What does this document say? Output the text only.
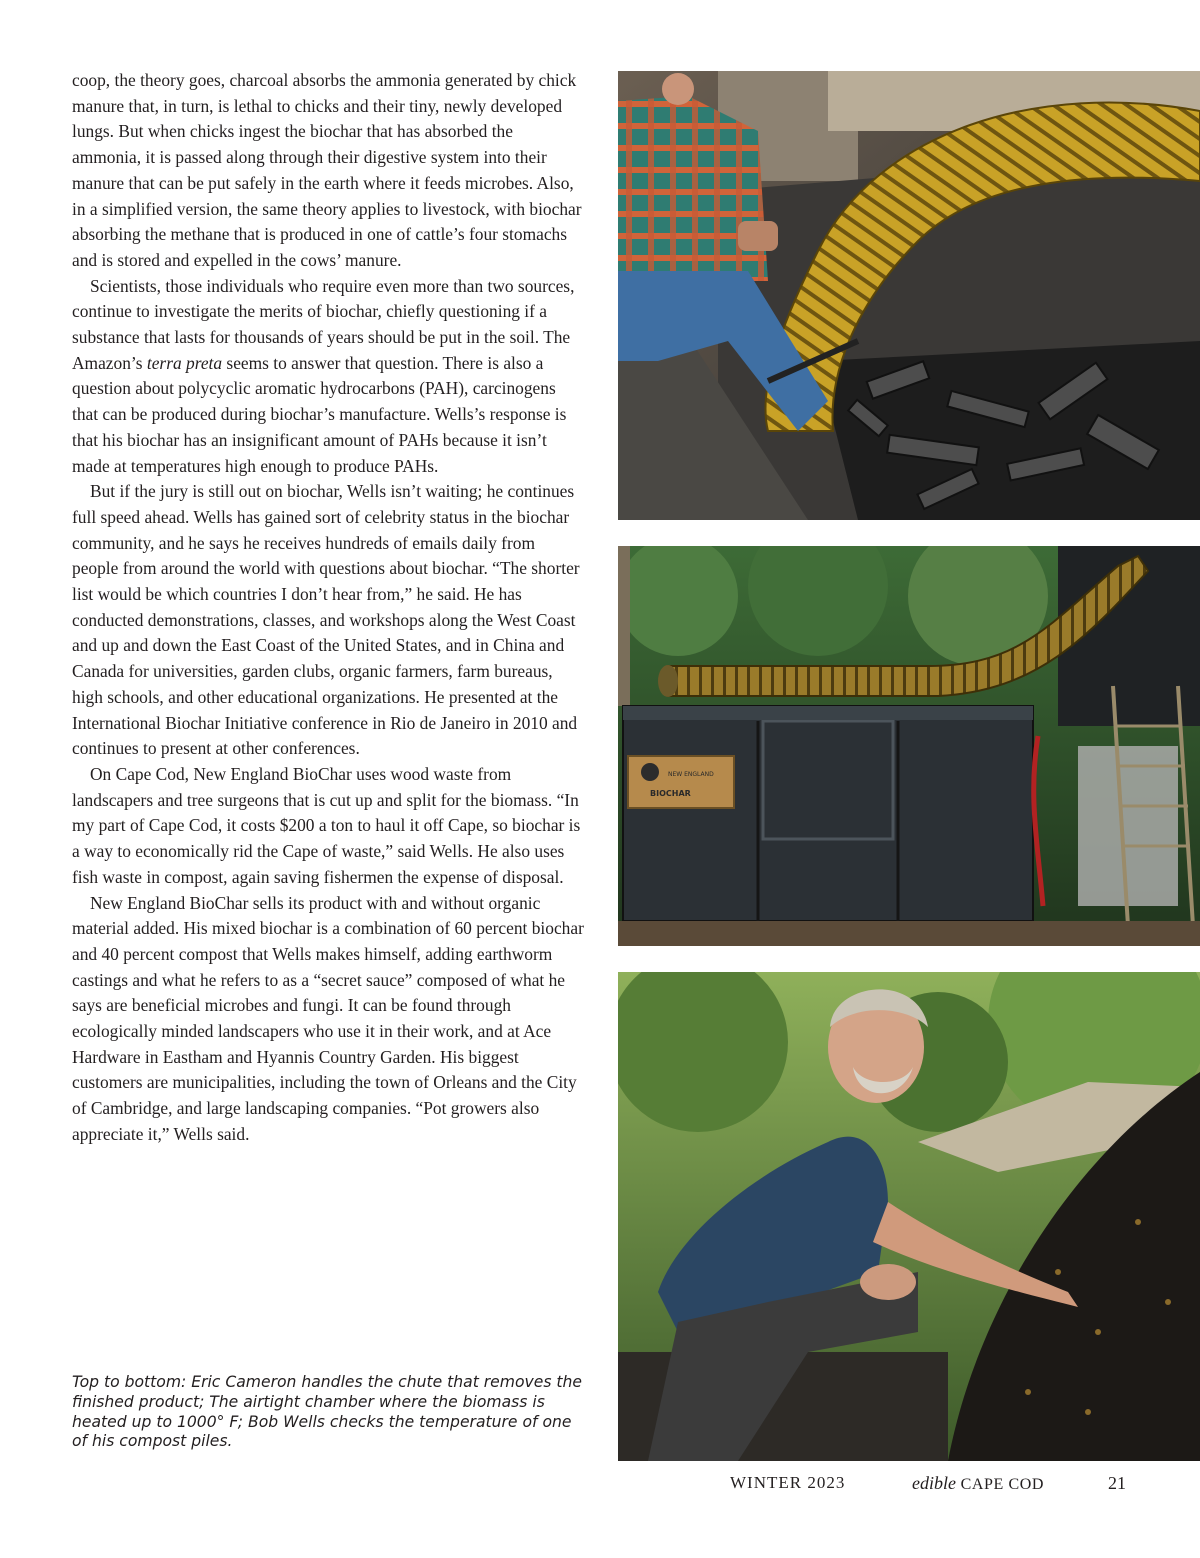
coop, the theory goes, charcoal absorbs the ammonia generated by chick manure that, in turn, is lethal to chicks and their tiny, newly developed lungs. But when chicks ingest the biochar that has absorbed the ammonia, it is passed along through their digestive system into their manure that can be put safely in the earth where it feeds microbes. Also, in a simplified version, the same theory applies to livestock, with biochar absorbing the methane that is produced in one of cattle’s four stomachs and is stored and expelled in the cows’ manure.

Scientists, those individuals who require even more than two sources, continue to investigate the merits of biochar, chiefly questioning if a substance that lasts for thousands of years should be put in the soil. The Amazon’s terra preta seems to answer that question. There is also a question about polycyclic aromatic hydrocarbons (PAH), carcinogens that can be produced during biochar’s manufacture. Wells’s response is that his biochar has an insignificant amount of PAHs because it isn’t made at temperatures high enough to produce PAHs.

But if the jury is still out on biochar, Wells isn’t waiting; he continues full speed ahead. Wells has gained sort of celebrity status in the biochar community, and he says he receives hundreds of emails daily from people from around the world with questions about biochar. “The shorter list would be which countries I don’t hear from,” he said. He has conducted demonstrations, classes, and workshops along the West Coast and up and down the East Coast of the United States, and in China and Canada for universities, garden clubs, organic farmers, farm bureaus, high schools, and other educational organizations. He presented at the International Biochar Initiative conference in Rio de Janeiro in 2010 and continues to present at other conferences.

On Cape Cod, New England BioChar uses wood waste from landscapers and tree surgeons that is cut up and split for the biomass. “In my part of Cape Cod, it costs $200 a ton to haul it off Cape, so biochar is a way to economically rid the Cape of waste,” said Wells. He also uses fish waste in compost, again saving fishermen the expense of disposal.

New England BioChar sells its product with and without organic material added. His mixed biochar is a combination of 60 percent biochar and 40 percent compost that Wells makes himself, adding earthworm castings and what he refers to as a “secret sauce” composed of what he says are beneficial microbes and fungi. It can be found through ecologically minded landscapers who use it in their work, and at Ace Hardware in Eastham and Hyannis Country Garden. His biggest customers are municipalities, including the town of Orleans and the City of Cambridge, and large landscaping companies. “Pot growers also appreciate it,” Wells said.

Top to bottom: Eric Cameron handles the chute that removes the finished product; The airtight chamber where the biomass is heated up to 1000° F; Bob Wells checks the temperature of one of his compost piles.
NEW ENGLAND
BIOCHAR
WINTER 2023	edible CAPE COD	21
